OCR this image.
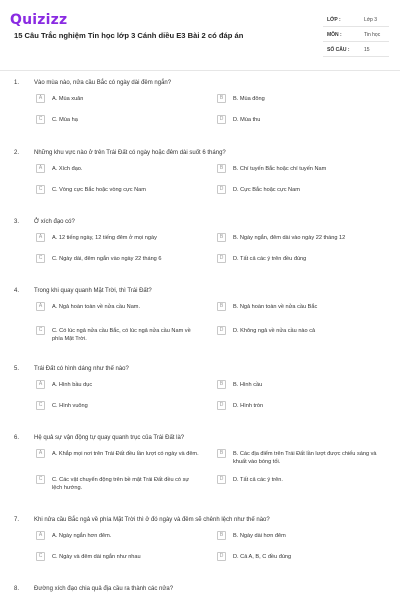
Quizizz
15 Câu Trắc nghiệm Tin học lớp 3 Cánh diều E3 Bài 2 có đáp án
LỚP :	Lớp 3
MÔN :	Tin học
SỐ CÂU :	15
1. Vào mùa nào, nửa cầu Bắc có ngày dài đêm ngắn?
A	A. Mùa xuân	B	B. Mùa đông
C	C. Mùa hạ	D	D. Mùa thu
2. Những khu vực nào ở trên Trái Đất có ngày hoặc đêm dài suốt 6 tháng?
A	A. Xích đạo.	B	B. Chí tuyến Bắc hoặc chí tuyến Nam
C	C. Vòng cực Bắc hoặc vòng cực Nam	D	D. Cực Bắc hoặc cực Nam
3. Ở xích đạo có?
A	A. 12 tiếng ngày, 12 tiếng đêm ở mọi ngày	B	B. Ngày ngắn, đêm dài vào ngày 22 tháng 12
C	C. Ngày dài, đêm ngắn vào ngày 22 tháng 6	D	D. Tất cả các ý trên đều đúng
4. Trong khi quay quanh Mặt Trời, thì Trái Đất?
A	A. Ngả hoàn toàn về nửa cầu Nam.	B	B. Ngả hoàn toàn về nửa cầu Bắc
C	C. Có lúc ngả nửa cầu Bắc, có lúc ngả nửa cầu Nam về phía Mặt Trời.
D	D. Không ngả về nửa cầu nào cả
5. Trái Đất có hình dáng như thế nào?
A	A. Hình bầu dục	B	B. Hình cầu
C	C. Hình vuông	D	D. Hình tròn
6. Hệ quả sự vận động tự quay quanh trục của Trái Đất là?
A	A. Khắp mọi nơi trên Trái Đất đều lần lượt có ngày và đêm.	B	B. Các địa điểm trên Trái Đất lần lượt được chiếu sáng và khuất vào bóng tối.
C	C. Các vật chuyển động trên bề mặt Trái Đất đều có sự lệch hướng.
D	D. Tất cả các ý trên.
7. Khi nửa cầu Bắc ngả về phía Mặt Trời thì ở đó ngày và đêm sẽ chênh lệch như thế nào?
A	A. Ngày ngắn hơn đêm.	B	B. Ngày dài hơn đêm
C	C. Ngày và đêm dài ngắn như nhau	D	D. Cả A, B, C đều đúng
8. Đường xích đạo chia quả địa cầu ra thành các nửa?
